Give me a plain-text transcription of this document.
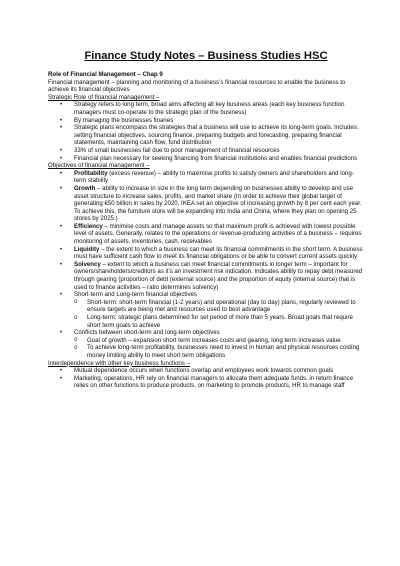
Finance Study Notes – Business Studies HSC

Role of Financial Management – Chap 9

Financial management – planning and monitoring of a business’s financial resources to enable the business to achieve its financial objectives

Strategic Role of financial management –

• Strategy refers to long term, broad aims affecting all key business areas (each key business function managers must co-operate to the strategic plan of the business)
• By managing the businesses finanes
• Strategic plans encompass the strategies that a business will use to achieve its long-term goals. Includes: setting financial objectives, sourcing finance, preparing budgets and forecasting, preparing financial statements, maintaining cash flow, fund distribution
• 33% of small businesses fail due to poor management of financial resources
• Financial plan necessary for seeking financing from financial institutions and enables financial predictions

Objectives of financial management –

• Profitability (excess revenue) – ability to maximise profits to satisfy owners and shareholders and long-term stability
• Growth – ability to increase in size in the long term depending on businesses ability to develop and use asset structure to increase sales, profits, and market share (In order to achieve their global target of generating €50 billion in sales by 2020, IKEA set an objective of increasing growth by 8 per cent each year. To achieve this, the furniture store will be expanding into India and China, where they plan on opening 25 stores by 2025.)
• Efficiency – minimise costs and manage assets so that maximum profit is achieved with lowest possible level of assets. Generally, relates to the operations or revenue-producing activities of a business – requires monitoring of assets, inventories, cash, receivables
• Liquidity – the extent to which a business can meet its financial commitments in the short term. A business must have sufficient cash flow to meet its financial obligations or be able to convert current assets quickly
• Solvency – extent to which a business can meet financial commitments in longer term – important for owners/shareholders/creditors as it’s an investment risk indication. Indicates ability to repay debt measured through gearing (proportion of debt (external source) and the proportion of equity (internal source) that is used to finance activities – ratio determines solvency)
• Short-term and Long-term financial objectives
o Short-term: short-term financial (1-2 years) and operational (day to day) plans, regularly reviewed to ensure targets are being met and resources used to best advantage
o Long-term: strategic plans determined for set period of more than 5 years. Broad goals that require short term goals to achieve
• Conflicts between short-term and long-term objectives
o Goal of growth – expansion short term increases costs and gearing, long term increases value
o To achieve long-term profitability, businesses need to invest in human and physical resources costing money limiting ability to meet short term obligations

Interdependence with other key business functions –

• Mutual dependence occurs when functions overlap and employees work towards common goals
• Marketing, operations, HR rely on financial managers to allocate them adequate funds, in return finance relies on other functions to produce products, on marketing to promote products, HR to manage staff
